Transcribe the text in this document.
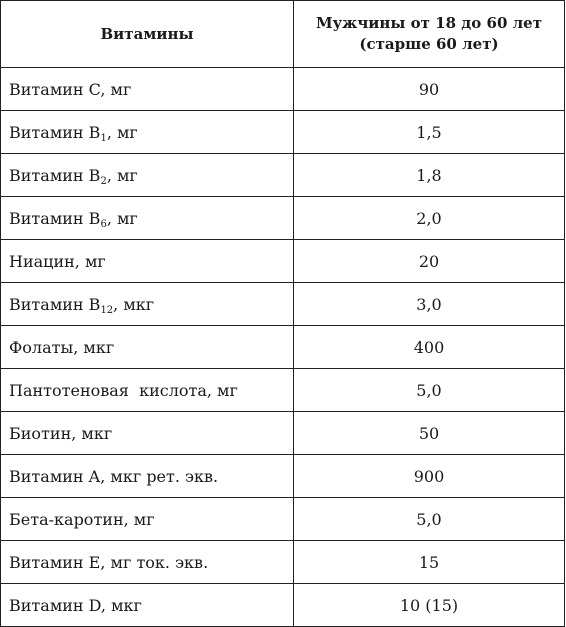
Витамины	Мужчины от 18 до 60 лет
(старше 60 лет)
Витамин C, мг	90
Витамин $B_1$, мг	1,5
Витамин $B_2$, мг	1,8
Витамин $B_6$, мг	2,0
Ниацин, мг	20
Витамин $B_{12}$, мкг	3,0
Фолаты, мкг	400
Пантотеновая  кислота, мг	5,0
Биотин, мкг	50
Витамин A, мкг рет. экв.	900
Бета-каротин, мг	5,0
Витамин E, мг ток. экв.	15
Витамин D, мкг	10 (15)
